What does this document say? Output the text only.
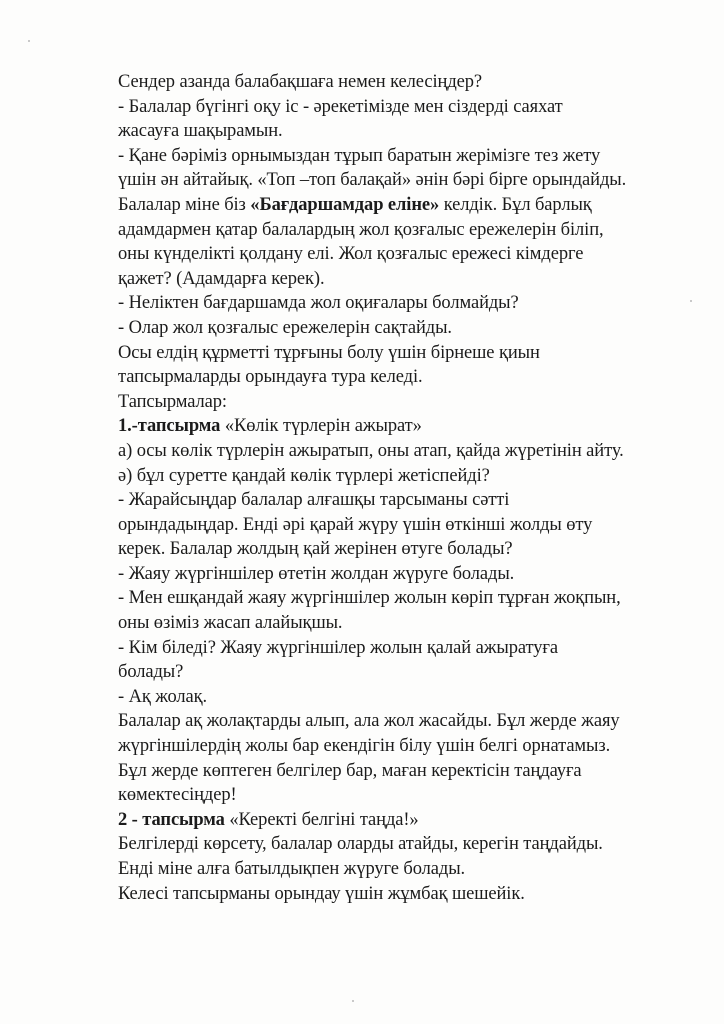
Сендер азанда балабақшаға немен келесіңдер?
- Балалар бүгінгі оқу іс - әрекетімізде мен сіздерді саяхат
жасауға шақырамын.
- Қане бәріміз орнымыздан тұрып баратын жерімізге тез жету
үшін ән айтайық. «Топ –топ балақай» әнін бәрі бірге орындайды.
Балалар міне біз «Бағдаршамдар еліне» келдік. Бұл барлық
адамдармен қатар балалардың жол қозғалыс ережелерін біліп,
оны күнделікті қолдану елі. Жол қозғалыс ережесі кімдерге
қажет? (Адамдарға керек).
- Неліктен бағдаршамда жол оқиғалары болмайды?
- Олар жол қозғалыс ережелерін сақтайды.
Осы елдің құрметті тұрғыны болу үшін бірнеше қиын
тапсырмаларды орындауға тура келеді.
Тапсырмалар:
1.-тапсырма «Көлік түрлерін ажырат»
а) осы көлік түрлерін ажыратып, оны атап, қайда жүретінін айту.
ә) бұл суретте қандай көлік түрлері жетіспейді?
- Жарайсыңдар балалар алғашқы тарсыманы сәтті
орындадыңдар. Енді әрі қарай жүру үшін өткінші жолды өту
керек. Балалар жолдың қай жерінен өтуге болады?
- Жаяу жүргіншілер өтетін жолдан жүруге болады.
- Мен ешқандай жаяу жүргіншілер жолын көріп тұрған жоқпын,
оны өзіміз жасап алайықшы.
- Кім біледі? Жаяу жүргіншілер жолын қалай ажыратуға
болады?
- Ақ жолақ.
Балалар ақ жолақтарды алып, ала жол жасайды. Бұл жерде жаяу
жүргіншілердің жолы бар екендігін білу үшін белгі орнатамыз.
Бұл жерде көптеген белгілер бар, маған керектісін таңдауға
көмектесіңдер!
2 - тапсырма «Керекті белгіні таңда!»
Белгілерді көрсету, балалар оларды атайды, керегін таңдайды.
Енді міне алға батылдықпен жүруге болады.
Келесі тапсырманы орындау үшін жұмбақ шешейік.
